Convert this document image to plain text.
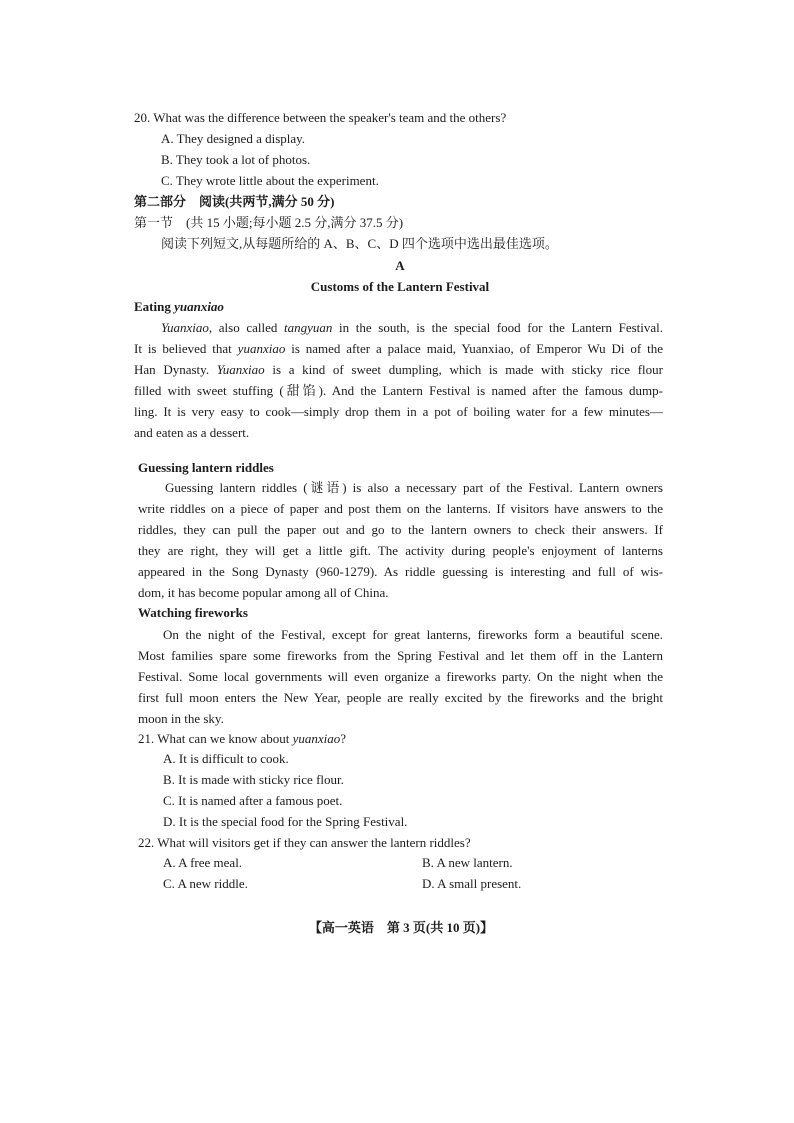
20. What was the difference between the speaker's team and the others?
A. They designed a display.
B. They took a lot of photos.
C. They wrote little about the experiment.
第二部分　阅读(共两节,满分 50 分)
第一节　(共 15 小题;每小题 2.5 分,满分 37.5 分)
阅读下列短文,从每题所给的 A、B、C、D 四个选项中选出最佳选项。
A
Customs of the Lantern Festival
Eating yuanxiao
Yuanxiao, also called tangyuan in the south, is the special food for the Lantern Festival.
It is believed that yuanxiao is named after a palace maid, Yuanxiao, of Emperor Wu Di of the
Han Dynasty. Yuanxiao is a kind of sweet dumpling, which is made with sticky rice flour
filled with sweet stuffing (甜馅). And the Lantern Festival is named after the famous dump-
ling. It is very easy to cook—simply drop them in a pot of boiling water for a few minutes—
and eaten as a dessert.
Guessing lantern riddles
Guessing lantern riddles (谜语) is also a necessary part of the Festival. Lantern owners
write riddles on a piece of paper and post them on the lanterns. If visitors have answers to the
riddles, they can pull the paper out and go to the lantern owners to check their answers. If
they are right, they will get a little gift. The activity during people's enjoyment of lanterns
appeared in the Song Dynasty (960-1279). As riddle guessing is interesting and full of wis-
dom, it has become popular among all of China.
Watching fireworks
On the night of the Festival, except for great lanterns, fireworks form a beautiful scene.
Most families spare some fireworks from the Spring Festival and let them off in the Lantern
Festival. Some local governments will even organize a fireworks party. On the night when the
first full moon enters the New Year, people are really excited by the fireworks and the bright
moon in the sky.
21. What can we know about yuanxiao?
A. It is difficult to cook.
B. It is made with sticky rice flour.
C. It is named after a famous poet.
D. It is the special food for the Spring Festival.
22. What will visitors get if they can answer the lantern riddles?
A. A free meal.	B. A new lantern.
C. A new riddle.	D. A small present.
【高一英语　第 3 页(共 10 页)】
